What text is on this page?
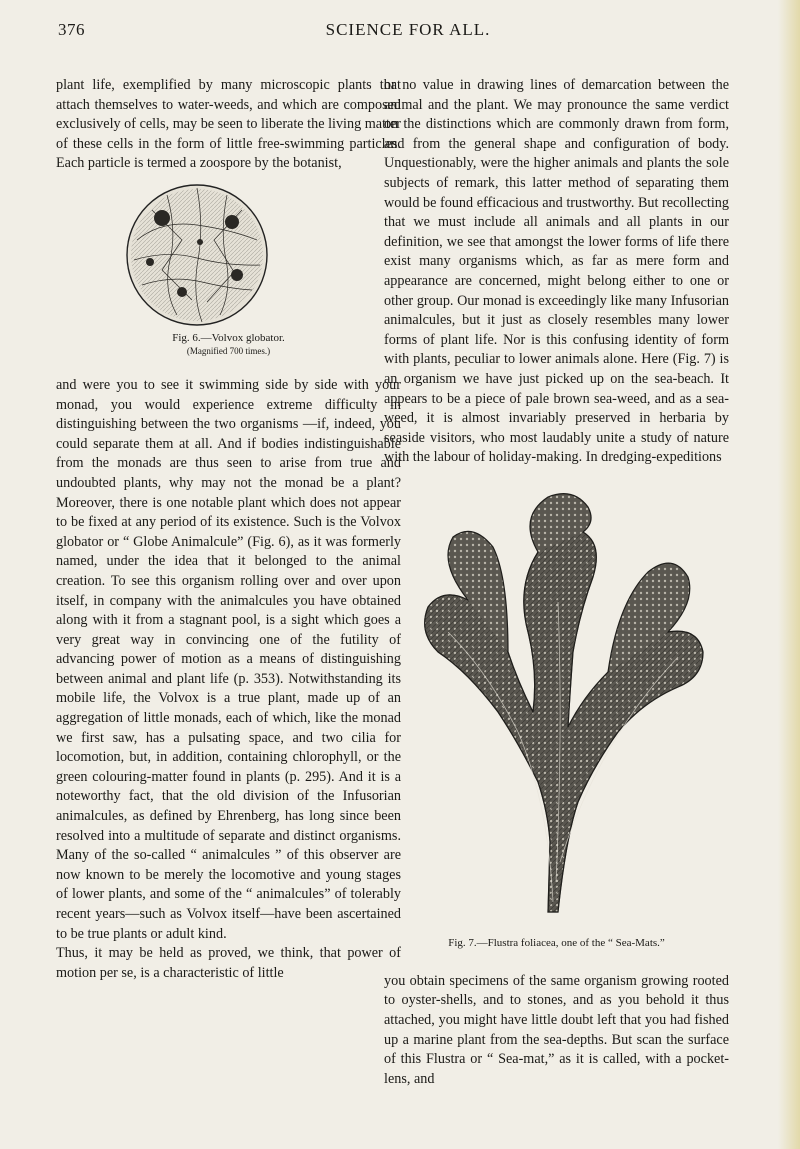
376	SCIENCE FOR ALL.

plant life, exemplified by many microscopic plants that attach themselves to water-weeds, and which are composed exclusively of cells, may be seen to liberate the living matter of these cells in the form of little free-swimming particles. Each particle is termed a zoospore by the botanist,

Fig. 6.—Volvox globator.
(Magnified 700 times.)

and were you to see it swimming side by side with your monad, you would experience extreme difficulty in distinguishing between the two organisms —if, indeed, you could separate them at all. And if bodies indistinguishable from the monads are thus seen to arise from true and undoubted plants, why may not the monad be a plant? Moreover, there is one notable plant which does not appear to be fixed at any period of its existence. Such is the Volvox globator or “ Globe Animalcule” (Fig. 6), as it was formerly named, under the idea that it belonged to the animal creation. To see this organism rolling over and over upon itself, in company with the animalcules you have obtained along with it from a stagnant pool, is a sight which goes a very great way in convincing one of the futility of advancing power of motion as a means of distinguishing between animal and plant life (p. 353). Notwithstanding its mobile life, the Volvox is a true plant, made up of an aggregation of little monads, each of which, like the monad we first saw, has a pulsating space, and two cilia for locomotion, but, in addition, containing chlorophyll, or the green colouring-matter found in plants (p. 295). And it is a noteworthy fact, that the old division of the Infusorian animalcules, as defined by Ehrenberg, has long since been resolved into a multitude of separate and distinct organisms. Many of the so-called “ animalcules ” of this observer are now known to be merely the locomotive and young stages of lower plants, and some of the “ animalcules” of tolerably recent years—such as Volvox itself—have been ascertained to be true plants or adult kind.

Thus, it may be held as proved, we think, that power of motion per se, is a characteristic of little

or no value in drawing lines of demarcation between the animal and the plant. We may pronounce the same verdict on the distinctions which are commonly drawn from form, and from the general shape and configuration of body. Unquestionably, were the higher animals and plants the sole subjects of remark, this latter method of separating them would be found efficacious and trustworthy. But recollecting that we must include all animals and all plants in our definition, we see that amongst the lower forms of life there exist many organisms which, as far as mere form and appearance are concerned, might belong either to one or other group. Our monad is exceedingly like many Infusorian animalcules, but it just as closely resembles many lower forms of plant life. Nor is this confusing identity of form with plants, peculiar to lower animals alone. Here (Fig. 7) is an organism we have just picked up on the sea-beach. It appears to be a piece of pale brown sea-weed, and as a sea-weed, it is almost invariably preserved in herbaria by seaside visitors, who most laudably unite a study of nature with the labour of holiday-making. In dredging-expeditions

Fig. 7.—Flustra foliacea, one of the “ Sea-Mats.”

you obtain specimens of the same organism growing rooted to oyster-shells, and to stones, and as you behold it thus attached, you might have little doubt left that you had fished up a marine plant from the sea-depths. But scan the surface of this Flustra or “ Sea-mat,” as it is called, with a pocket-lens, and
